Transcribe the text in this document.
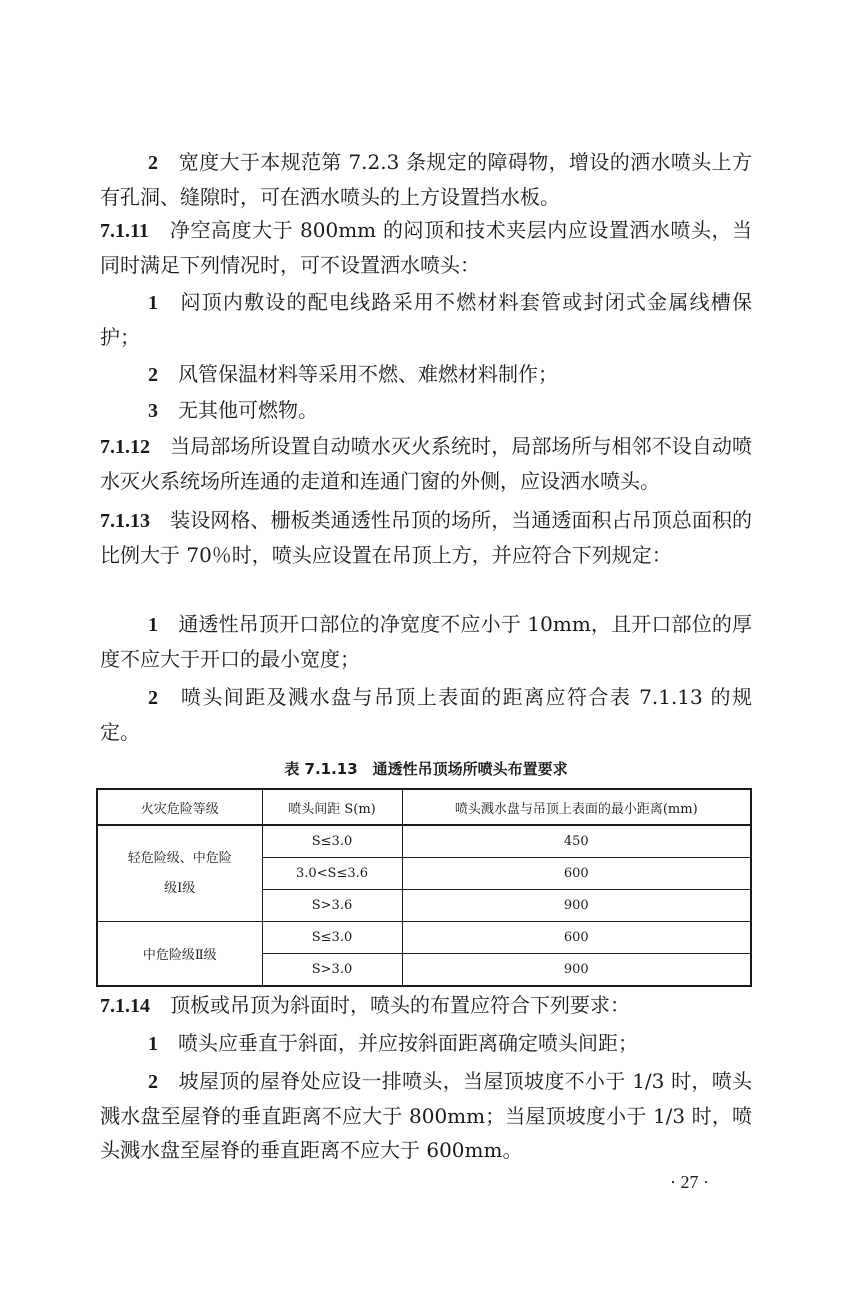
2　 宽度大于本规范第 7.2.3 条规定的障碍物，增设的洒水喷头上方有孔洞、缝隙时，可在洒水喷头的上方设置挡水板。

7.1.11　 净空高度大于 800mm 的闷顶和技术夹层内应设置洒水喷头，当同时满足下列情况时，可不设置洒水喷头：

1　 闷顶内敷设的配电线路采用不燃材料套管或封闭式金属线槽保护；

2　 风管保温材料等采用不燃、难燃材料制作；

3　 无其他可燃物。

7.1.12　 当局部场所设置自动喷水灭火系统时，局部场所与相邻不设自动喷水灭火系统场所连通的走道和连通门窗的外侧，应设洒水喷头。

7.1.13　 装设网格、栅板类通透性吊顶的场所，当通透面积占吊顶总面积的比例大于 70％时，喷头应设置在吊顶上方，并应符合下列规定：

1　 通透性吊顶开口部位的净宽度不应小于 10mm，且开口部位的厚度不应大于开口的最小宽度；

2　 喷头间距及溅水盘与吊顶上表面的距离应符合表 7.1.13 的规定。

表 7.1.13　通透性吊顶场所喷头布置要求
火灾危险等级	喷头间距 S(m)	喷头溅水盘与吊顶上表面的最小距离(mm)
轻危险级、中危险级Ⅰ级	S≤3.0	450
	3.0<S≤3.6	600
	S>3.6	900
中危险级Ⅱ级	S≤3.0	600
	S>3.0	900

7.1.14　 顶板或吊顶为斜面时，喷头的布置应符合下列要求：

1　 喷头应垂直于斜面，并应按斜面距离确定喷头间距；

2　 坡屋顶的屋脊处应设一排喷头，当屋顶坡度不小于 1/3 时，喷头溅水盘至屋脊的垂直距离不应大于 800mm；当屋顶坡度小于 1/3 时，喷头溅水盘至屋脊的垂直距离不应大于 600mm。

· 27 ·
